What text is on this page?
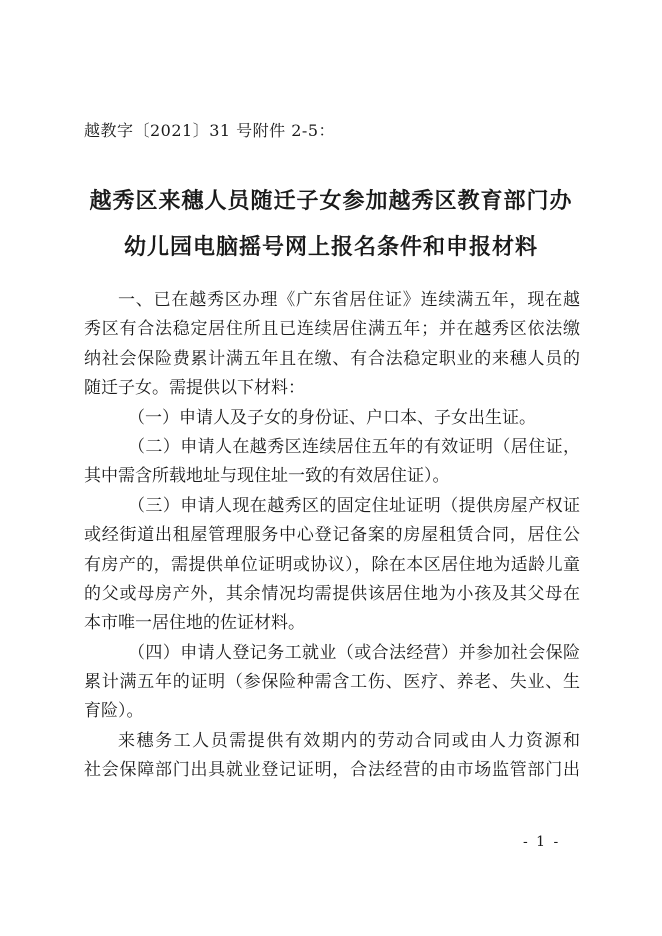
越教字〔2021〕31 号附件 2-5：
越秀区来穗人员随迁子女参加越秀区教育部门办
幼儿园电脑摇号网上报名条件和申报材料
一、已在越秀区办理《广东省居住证》连续满五年，现在越
秀区有合法稳定居住所且已连续居住满五年；并在越秀区依法缴
纳社会保险费累计满五年且在缴、有合法稳定职业的来穗人员的
随迁子女。需提供以下材料：
（一）申请人及子女的身份证、户口本、子女出生证。
（二）申请人在越秀区连续居住五年的有效证明（居住证，
其中需含所载地址与现住址一致的有效居住证）。
（三）申请人现在越秀区的固定住址证明（提供房屋产权证
或经街道出租屋管理服务中心登记备案的房屋租赁合同，居住公
有房产的，需提供单位证明或协议），除在本区居住地为适龄儿童
的父或母房产外，其余情况均需提供该居住地为小孩及其父母在
本市唯一居住地的佐证材料。
（四）申请人登记务工就业（或合法经营）并参加社会保险
累计满五年的证明（参保险种需含工伤、医疗、养老、失业、生
育险）。
来穗务工人员需提供有效期内的劳动合同或由人力资源和
社会保障部门出具就业登记证明，合法经营的由市场监管部门出
- 1 -
